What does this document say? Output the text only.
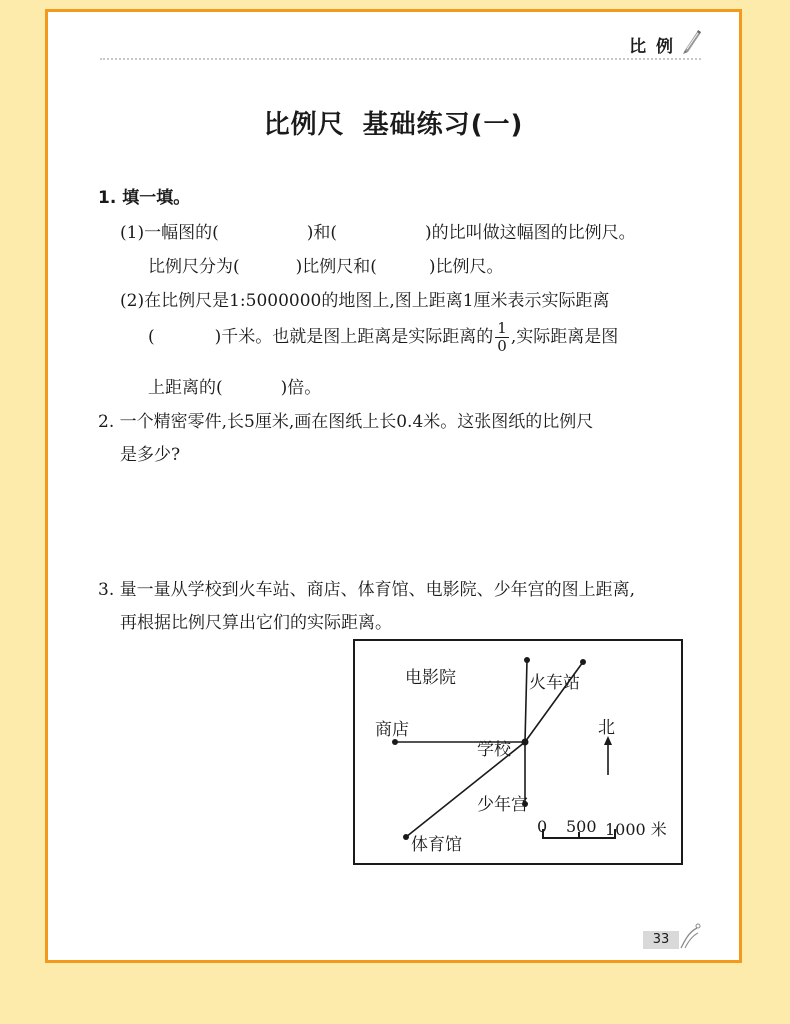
比 例
比例尺 基础练习(一)
1. 填一填。
(1)一幅图的(	)和(	)的比叫做这幅图的比例尺。
比例尺分为(	)比例尺和(	)比例尺。
(2)在比例尺是1:5000000的地图上,图上距离1厘米表示实际距离
(	)千米。也就是图上距离是实际距离的 $\frac{1}{0}$ ,实际距离是图
上距离的(	)倍。
2. 一个精密零件,长5厘米,画在图纸上长0.4米。这张图纸的比例尺
是多少?
3. 量一量从学校到火车站、商店、体育馆、电影院、少年宫的图上距离,
再根据比例尺算出它们的实际距离。
电影院	火车站
商店
学校
北
少年宫
体育馆
0 500 1000 米
33
